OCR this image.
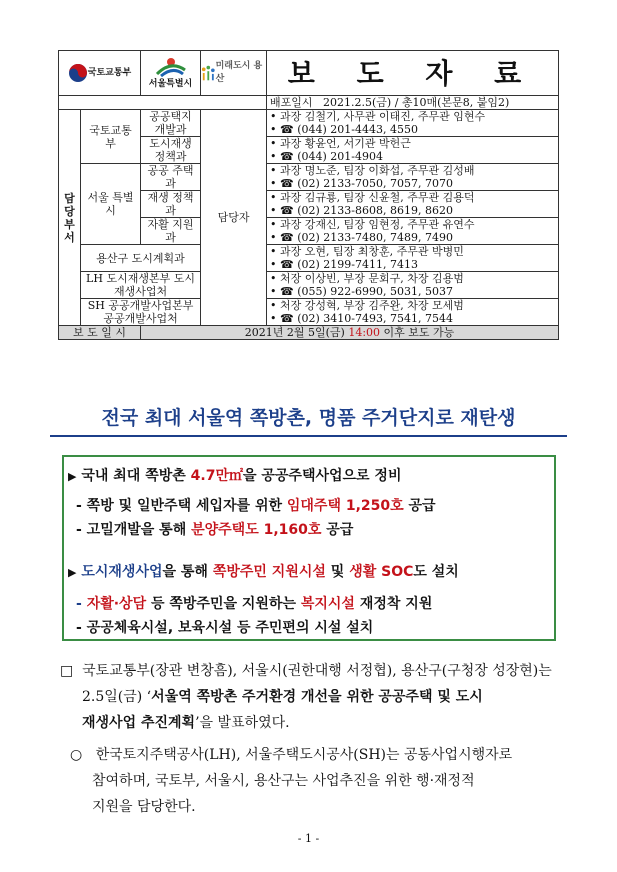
국토교통부		서울특별시	미래도시 용산	보 도 자 료
				배포일시 2021.2.5(금) / 총10매(본문8, 붙임2)

담당부서	국토교통부	공공택지 개발과	담당자	• 과장 김철기, 사무관 이태진, 주무관 임현수
• ☎ (044) 201-4443, 4550

		도시재생 정책과		• 과장 황윤언, 서기관 박헌근
• ☎ (044) 201-4904

	서울 특별시	공공 주택과		• 과장 명노준, 팀장 이화섭, 주무관 김성배
• ☎ (02) 2133-7050, 7057, 7070

		재생 정책과		• 과장 김규룡, 팀장 신윤철, 주무관 김용덕
• ☎ (02) 2133-8608, 8619, 8620

		자활 지원과		• 과장 강재신, 팀장 임현정, 주무관 유연수
• ☎ (02) 2133-7480, 7489, 7490

	용산구 도시계획과			• 과장 오현, 팀장 최창훈, 주무관 박병민
• ☎ (02) 2199-7411, 7413

	LH 도시재생본부 도시재생사업처			• 처장 이상빈, 부장 문회구, 차장 김용범
• ☎ (055) 922-6990, 5031, 5037

	SH 공공개발사업본부 공공개발사업처			• 처장 강성혁, 부장 김주완, 차장 모세범
• ☎ (02) 3410-7493, 7541, 7544

보 도 일 시		2021년 2월 5일(금) 14:00 이후 보도 가능		
전국 최대 서울역 쪽방촌, 명품 주거단지로 재탄생
▶ 국내 최대 쪽방촌 4.7만㎡을 공공주택사업으로 정비
- 쪽방 및 일반주택 세입자를 위한 임대주택 1,250호 공급
- 고밀개발을 통해 분양주택도 1,160호 공급
▶ 도시재생사업을 통해 쪽방주민 지원시설 및 생활 SOC도 설치
- 자활·상담 등 쪽방주민을 지원하는 복지시설 재정착 지원
- 공공체육시설, 보육시설 등 주민편의 시설 설치
□ 국토교통부(장관 변창흠), 서울시(권한대행 서정협), 용산구(구청장 성장현)는
2.5일(금) ‘서울역 쪽방촌 주거환경 개선을 위한 공공주택 및 도시
재생사업 추진계획’을 발표하였다.
○ 한국토지주택공사(LH), 서울주택도시공사(SH)는 공동사업시행자로
참여하며, 국토부, 서울시, 용산구는 사업추진을 위한 행·재정적
지원을 담당한다.
- 1 -
